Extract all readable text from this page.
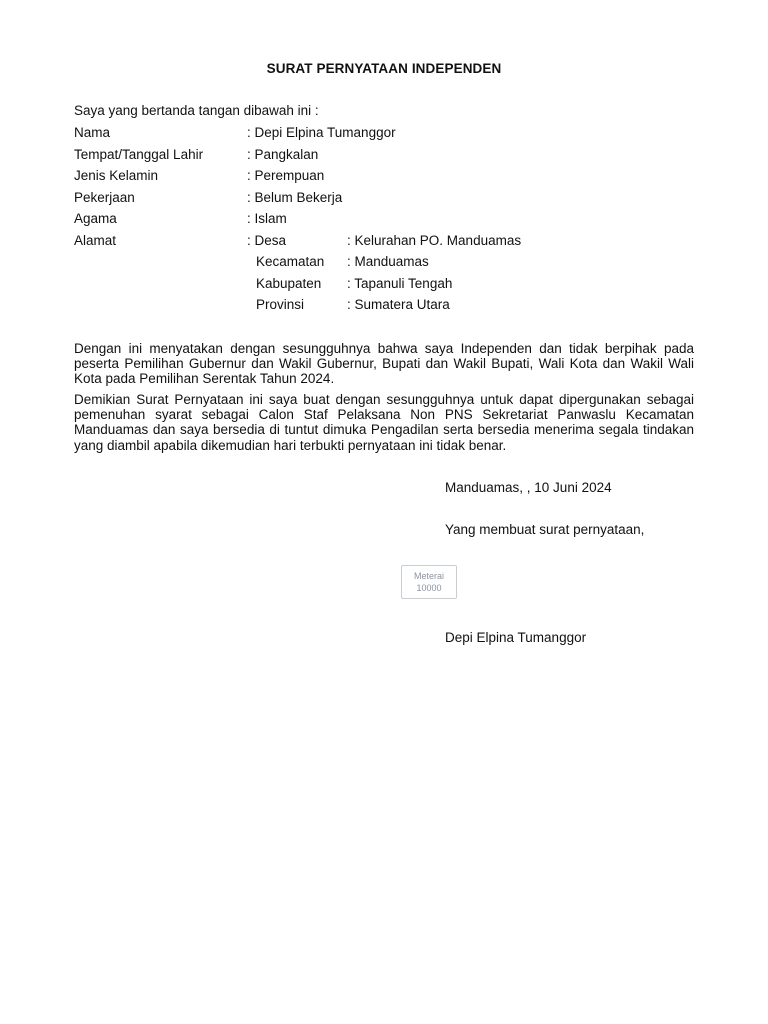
SURAT PERNYATAAN INDEPENDEN
Saya yang bertanda tangan dibawah ini :
Nama	: Depi Elpina Tumanggor
Tempat/Tanggal Lahir	: Pangkalan
Jenis Kelamin	: Perempuan
Pekerjaan	: Belum Bekerja
Agama	: Islam
Alamat	: Desa	: Kelurahan PO. Manduamas
Kecamatan : Manduamas
Kabupaten : Tapanuli Tengah
Provinsi	: Sumatera Utara
Dengan ini menyatakan dengan sesungguhnya bahwa saya Independen dan tidak berpihak pada peserta Pemilihan Gubernur dan Wakil Gubernur, Bupati dan Wakil Bupati, Wali Kota dan Wakil Wali Kota pada Pemilihan Serentak Tahun 2024.
Demikian Surat Pernyataan ini saya buat dengan sesungguhnya untuk dapat dipergunakan sebagai pemenuhan syarat sebagai Calon Staf Pelaksana Non PNS Sekretariat Panwaslu Kecamatan Manduamas dan saya bersedia di tuntut dimuka Pengadilan serta bersedia menerima segala tindakan yang diambil apabila dikemudian hari terbukti pernyataan ini tidak benar.
Manduamas, , 10 Juni 2024
Yang membuat surat pernyataan,
Meterai
10000
Depi Elpina Tumanggor
